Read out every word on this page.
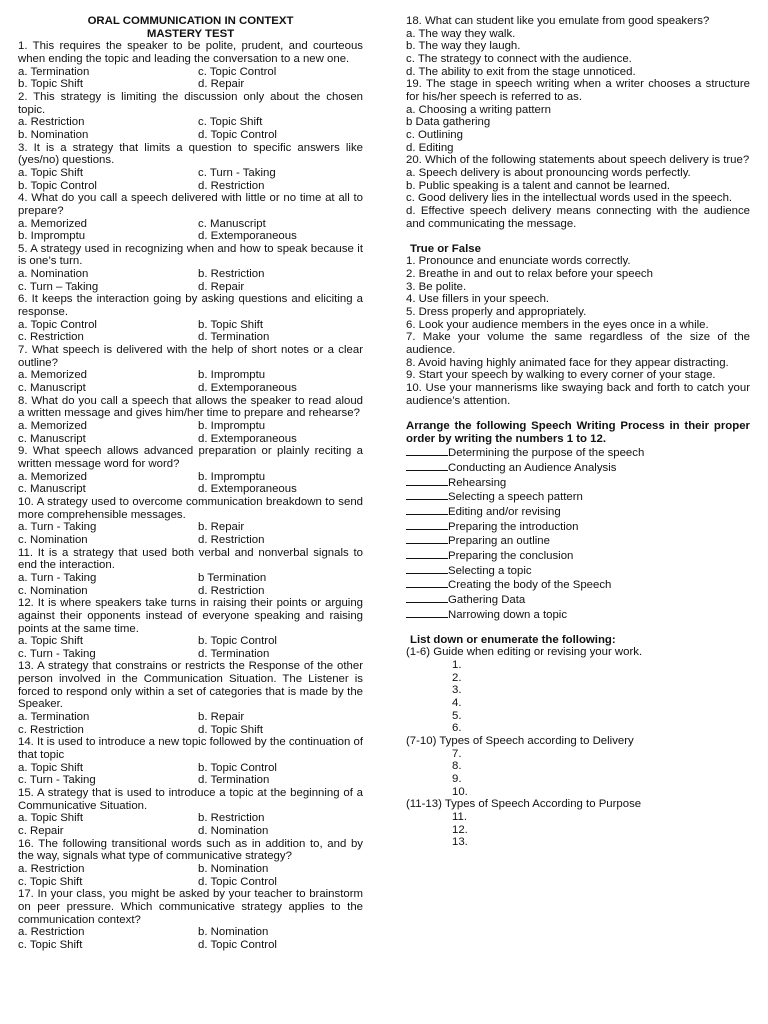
ORAL COMMUNICATION IN CONTEXT
MASTERY TEST
1. This requires the speaker to be polite, prudent, and courteous when ending the topic and leading the conversation to a new one.
a. Termination	c. Topic Control
b. Topic Shift	d. Repair
2. This strategy is limiting the discussion only about the chosen topic.
a. Restriction	c. Topic Shift
b. Nomination	d. Topic Control
3. It is a strategy that limits a question to specific answers like (yes/no) questions.
a. Topic Shift	c. Turn - Taking
b. Topic Control	d. Restriction
4. What do you call a speech delivered with little or no time at all to prepare?
a. Memorized	c. Manuscript
b. Impromptu	d. Extemporaneous
5. A strategy used in recognizing when and how to speak because it is one’s turn.
a. Nomination	b. Restriction
c. Turn – Taking	d. Repair
6. It keeps the interaction going by asking questions and eliciting a response.
a. Topic Control	b. Topic Shift
c. Restriction	d. Termination
7. What speech is delivered with the help of short notes or a clear outline?
a. Memorized	b. Impromptu
c. Manuscript	d. Extemporaneous
8. What do you call a speech that allows the speaker to read aloud a written message and gives him/her time to prepare and rehearse?
a. Memorized	b. Impromptu
c. Manuscript	d. Extemporaneous
9. What speech allows advanced preparation or plainly reciting a written message word for word?
a. Memorized	b. Impromptu
c. Manuscript	d. Extemporaneous
10. A strategy used to overcome communication breakdown to send more comprehensible messages.
a. Turn - Taking	b. Repair
c. Nomination	d. Restriction
11. It is a strategy that used both verbal and nonverbal signals to end the interaction.
a. Turn - Taking	b Termination
c. Nomination	d. Restriction
12. It is where speakers take turns in raising their points or arguing against their opponents instead of everyone speaking and raising points at the same time.
a. Topic Shift	b. Topic Control
c. Turn - Taking	d. Termination
13. A strategy that constrains or restricts the Response of the other person involved in the Communication Situation. The Listener is forced to respond only within a set of categories that is made by the Speaker.
a. Termination	b. Repair
c. Restriction	d. Topic Shift
14. It is used to introduce a new topic followed by the continuation of that topic
a. Topic Shift	b. Topic Control
c. Turn - Taking	d. Termination
15. A strategy that is used to introduce a topic at the beginning of a Communicative Situation.
a. Topic Shift	b. Restriction
c. Repair	d. Nomination
16. The following transitional words such as in addition to, and by the way, signals what type of communicative strategy?
a. Restriction	b. Nomination
c. Topic Shift	d. Topic Control
17. In your class, you might be asked by your teacher to brainstorm on peer pressure. Which communicative strategy applies to the communication context?
a. Restriction	b. Nomination
c. Topic Shift	d. Topic Control
18. What can student like you emulate from good speakers?
a. The way they walk.
b. The way they laugh.
c. The strategy to connect with the audience.
d. The ability to exit from the stage unnoticed.
19. The stage in speech writing when a writer chooses a structure for his/her speech is referred to as.
a. Choosing a writing pattern
b Data gathering
c. Outlining
d. Editing
20. Which of the following statements about speech delivery is true?
a. Speech delivery is about pronouncing words perfectly.
b. Public speaking is a talent and cannot be learned.
c. Good delivery lies in the intellectual words used in the speech.
d. Effective speech delivery means connecting with the audience and communicating the message.
True or False
1. Pronounce and enunciate words correctly.
2. Breathe in and out to relax before your speech
3. Be polite.
4. Use fillers in your speech.
5. Dress properly and appropriately.
6. Look your audience members in the eyes once in a while.
7. Make your volume the same regardless of the size of the audience.
8. Avoid having highly animated face for they appear distracting.
9. Start your speech by walking to every corner of your stage.
10. Use your mannerisms like swaying back and forth to catch your audience’s attention.
Arrange the following Speech Writing Process in their proper order by writing the numbers 1 to 12.
Determining the purpose of the speech
Conducting an Audience Analysis
Rehearsing
Selecting a speech pattern
Editing and/or revising
Preparing the introduction
Preparing an outline
Preparing the conclusion
Selecting a topic
Creating the body of the Speech
Gathering Data
Narrowing down a topic
List down or enumerate the following:
(1-6) Guide when editing or revising your work.
1.
2.
3.
4.
5.
6.
(7-10) Types of Speech according to Delivery
7.
8.
9.
10.
(11-13) Types of Speech According to Purpose
11.
12.
13.
